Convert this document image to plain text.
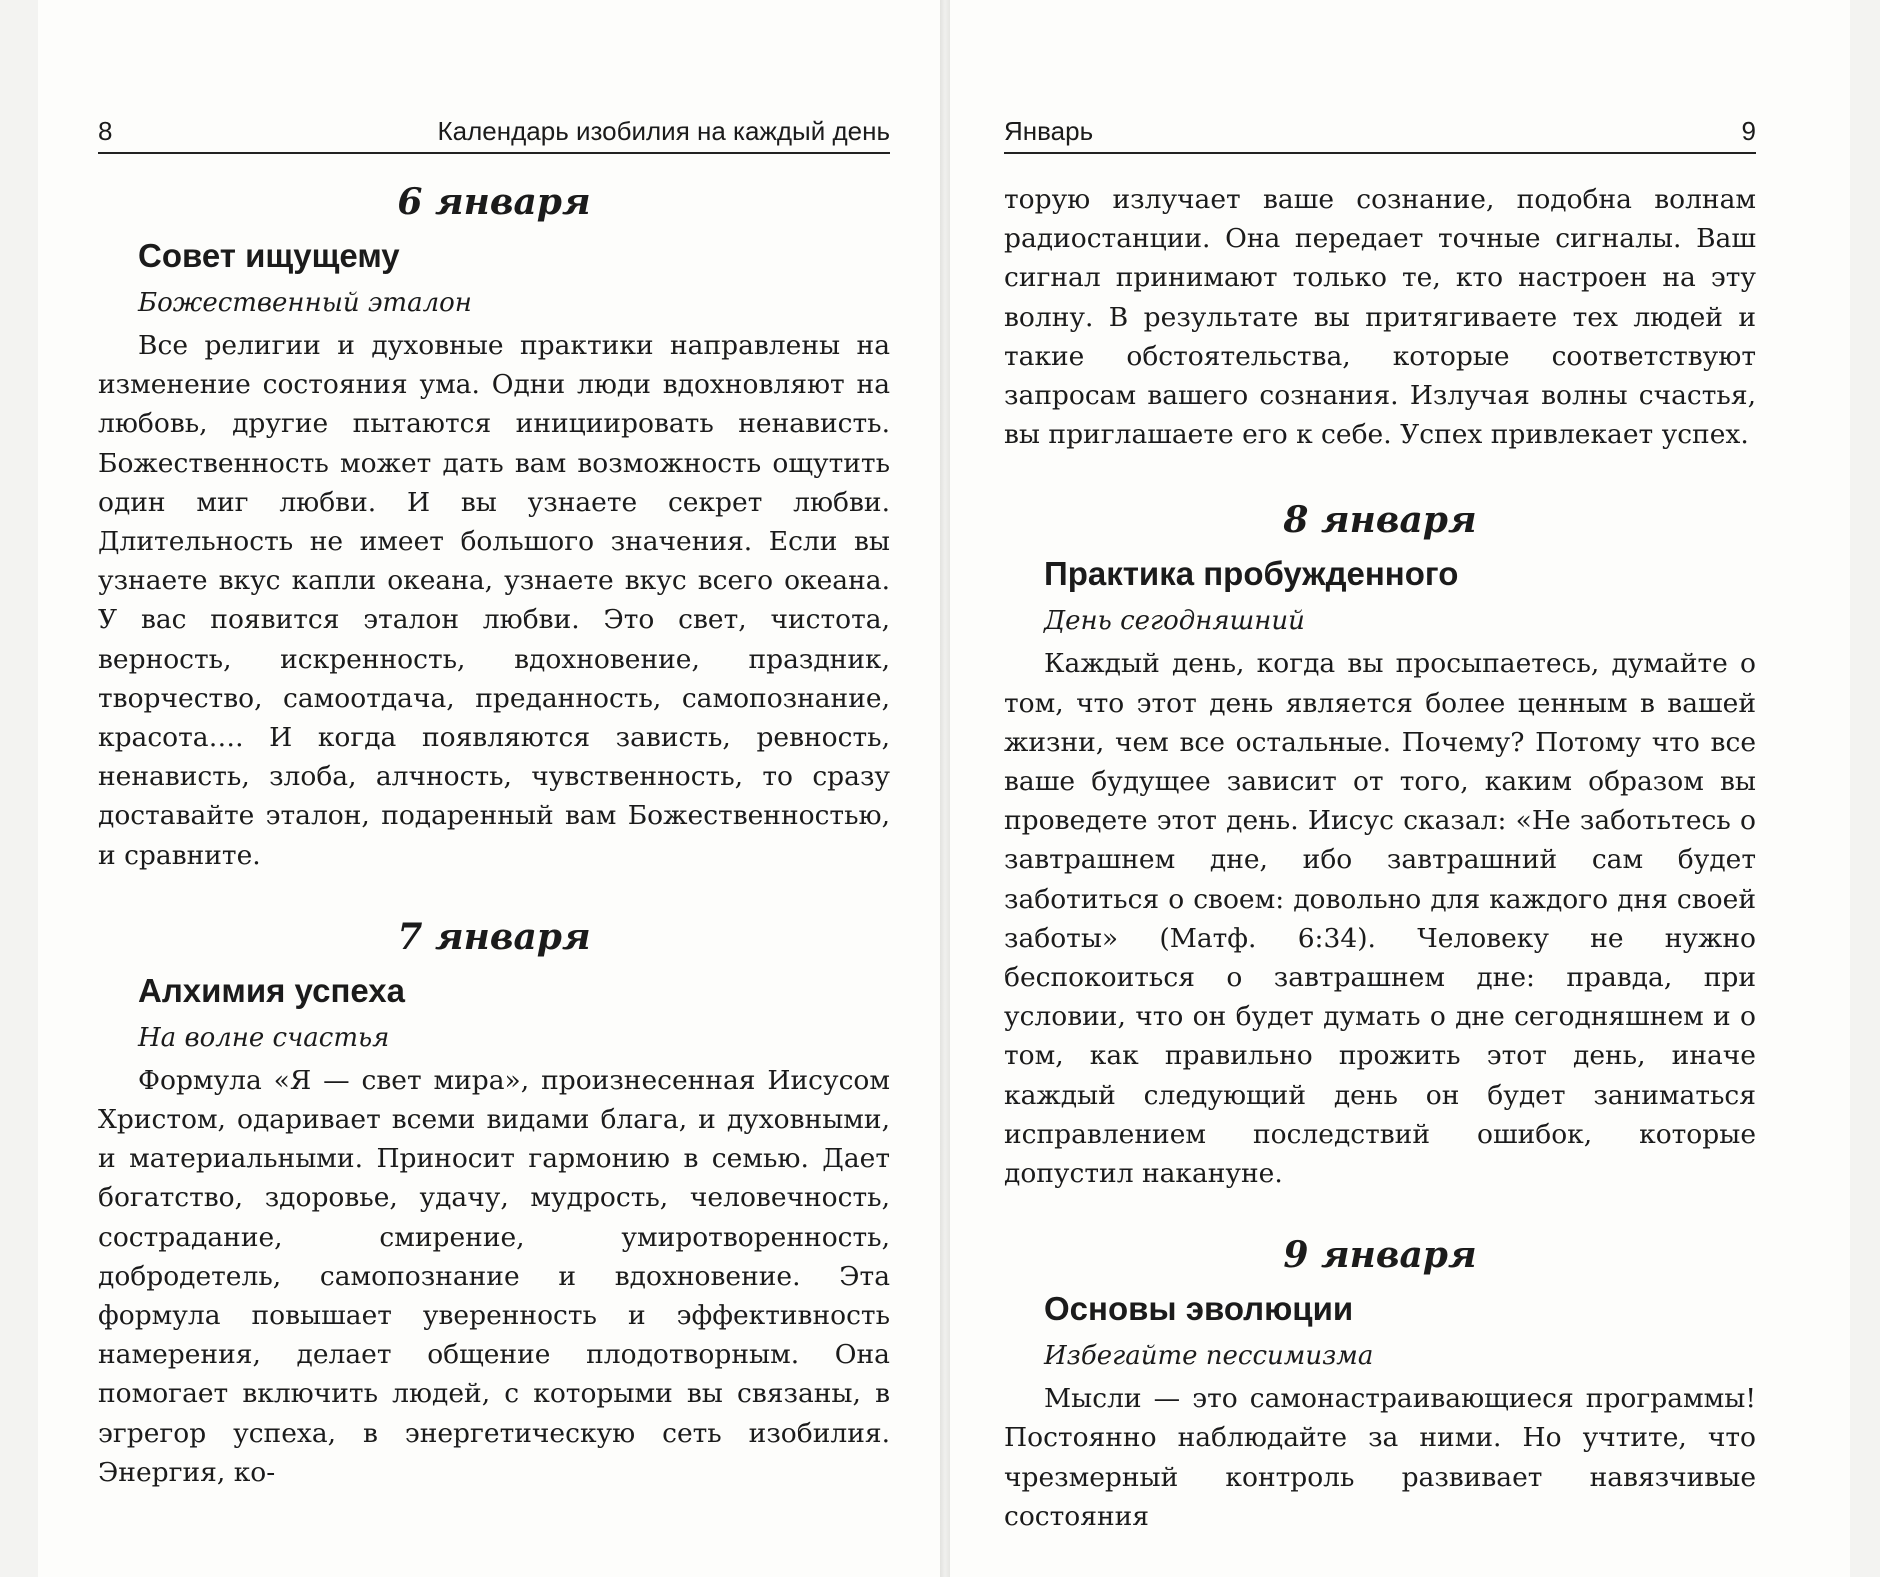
8	Календарь изобилия на каждый день
6 января
Совет ищущему
Божественный эталон

Все религии и духовные практики направлены на изменение состояния ума. Одни люди вдохновляют на любовь, другие пытаются инициировать ненависть. Божественность может дать вам возможность ощутить один миг любви. И вы узнаете секрет любви. Длительность не имеет большого значения. Если вы узнаете вкус капли океана, узнаете вкус всего океана. У вас появится эталон любви. Это свет, чистота, верность, искренность, вдохновение, праздник, творчество, самоотдача, преданность, самопознание, красота…. И когда появляются зависть, ревность, ненависть, злоба, алчность, чувственность, то сразу доставайте эталон, подаренный вам Божественностью, и сравните.

7 января
Алхимия успеха
На волне счастья

Формула «Я — свет мира», произнесенная Иисусом Христом, одаривает всеми видами блага, и духовными, и материальными. Приносит гармонию в семью. Дает богатство, здоровье, удачу, мудрость, человечность, сострадание, смирение, умиротворенность, добродетель, самопознание и вдохновение. Эта формула повышает уверенность и эффективность намерения, делает общение плодотворным. Она помогает включить людей, с которыми вы связаны, в эгрегор успеха, в энергетическую сеть изобилия. Энергия, ко-

Январь	9

торую излучает ваше сознание, подобна волнам радиостанции. Она передает точные сигналы. Ваш сигнал принимают только те, кто настроен на эту волну. В результате вы притягиваете тех людей и такие обстоятельства, которые соответствуют запросам вашего сознания. Излучая волны счастья, вы приглашаете его к себе. Успех привлекает успех.

8 января
Практика пробужденного
День сегодняшний

Каждый день, когда вы просыпаетесь, думайте о том, что этот день является более ценным в вашей жизни, чем все остальные. Почему? Потому что все ваше будущее зависит от того, каким образом вы проведете этот день. Иисус сказал: «Не заботьтесь о завтрашнем дне, ибо завтрашний сам будет заботиться о своем: довольно для каждого дня своей заботы» (Матф. 6:34). Человеку не нужно беспокоиться о завтрашнем дне: правда, при условии, что он будет думать о дне сегодняшнем и о том, как правильно прожить этот день, иначе каждый следующий день он будет заниматься исправлением последствий ошибок, которые допустил накануне.

9 января
Основы эволюции
Избегайте пессимизма

Мысли — это самонастраивающиеся программы! Постоянно наблюдайте за ними. Но учтите, что чрезмерный контроль развивает навязчивые состояния
